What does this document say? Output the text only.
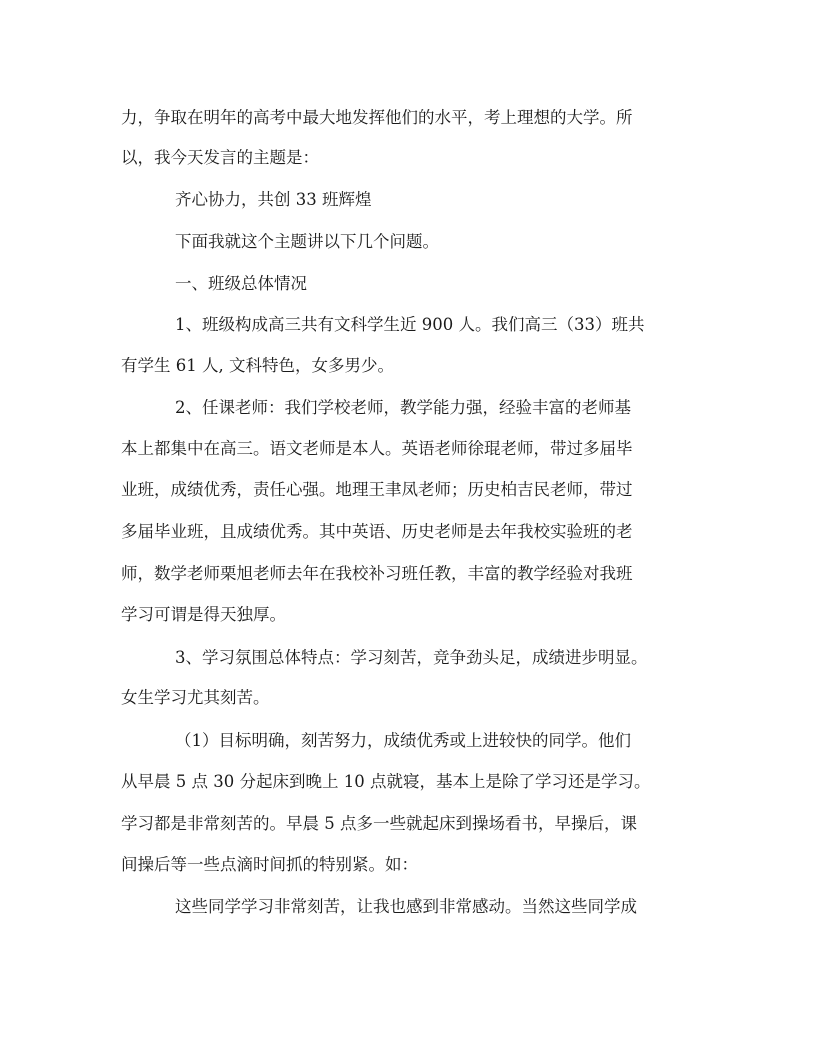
力，争取在明年的高考中最大地发挥他们的水平，考上理想的大学。所
以，我今天发言的主题是：
齐心协力，共创 33 班辉煌
下面我就这个主题讲以下几个问题。
一、班级总体情况
1、班级构成高三共有文科学生近 900 人。我们高三（33）班共
有学生 61 人, 文科特色，女多男少。
2、任课老师：我们学校老师，教学能力强，经验丰富的老师基
本上都集中在高三。语文老师是本人。英语老师徐琨老师，带过多届毕
业班，成绩优秀，责任心强。地理王聿凤老师；历史柏吉民老师，带过
多届毕业班，且成绩优秀。其中英语、历史老师是去年我校实验班的老
师，数学老师栗旭老师去年在我校补习班任教，丰富的教学经验对我班
学习可谓是得天独厚。
3、学习氛围总体特点：学习刻苦，竞争劲头足，成绩进步明显。
女生学习尤其刻苦。
（1）目标明确，刻苦努力，成绩优秀或上进较快的同学。他们
从早晨 5 点 30 分起床到晚上 10 点就寝，基本上是除了学习还是学习。
学习都是非常刻苦的。早晨 5 点多一些就起床到操场看书，早操后，课
间操后等一些点滴时间抓的特别紧。如：
这些同学学习非常刻苦，让我也感到非常感动。当然这些同学成
